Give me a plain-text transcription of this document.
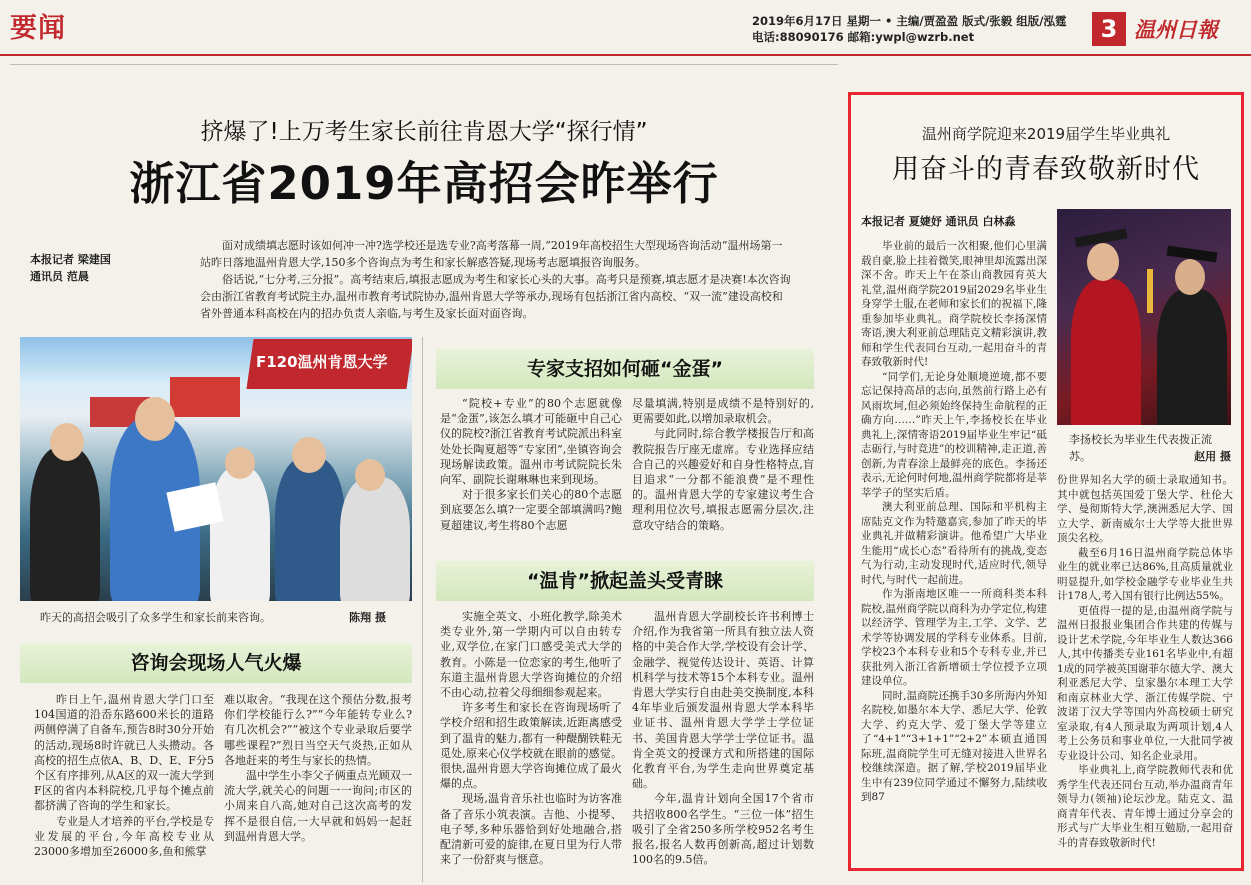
要闻	2019年6月17日 星期一 • 主编/贾盈盈 版式/张毅 组版/泓霆
电话:88090176 邮箱:ywpl@wzrb.net	3 温州日報
挤爆了!上万考生家长前往肯恩大学“探行情”
浙江省2019年高招会昨举行
本报记者 梁建国
通讯员 范晨

面对成绩填志愿时该如何冲一冲?选学校还是选专业?高考落幕一周,“2019年高校招生大型现场咨询活动”温州场第一站昨日落地温州肯恩大学,150多个咨询点为考生和家长解惑答疑,现场考志愿填报咨询服务。

俗话说,“七分考,三分报”。高考结束后,填报志愿成为考生和家长心头的大事。高考只是预赛,填志愿才是决赛!本次咨询会由浙江省教育考试院主办,温州市教育考试院协办,温州肯恩大学等承办,现场有包括浙江省内高校、“双一流”建设高校和省外普通本科高校在内的招办负责人亲临,与考生及家长面对面咨询。

F120温州肯恩大学
昨天的高招会吸引了众多学生和家长前来咨询。	陈翔 摄
咨询会现场人气火爆

昨日上午,温州肯恩大学门口至104国道的沿岙东路600米长的道路两侧停满了自备车,预告8时30分开始的活动,现场8时许就已人头攒动。各高校的招生点依A、B、D、E、F分5个区有序排列,从A区的双一流大学到F区的省内本科院校,几乎每个摊点前都挤满了咨询的学生和家长。

专业是人才培养的平台,学校是专业发展的平台,今年高校专业从23000多增加至26000多,鱼和熊掌

难以取舍。“我现在这个预估分数,报考你们学校能行么?”“今年能转专业么?有几次机会?”“被这个专业录取后要学哪些课程?”烈日当空天气炎热,正如从各地赶来的考生与家长的热情。

温中学生小李父子俩重点光顾双一流大学,就关心的问题一一询问;市区的小周来自八高,她对自己这次高考的发挥不是很自信,一大早就和妈妈一起赶到温州肯恩大学。

专家支招如何砸“金蛋”

“院校+专业”的80个志愿就像是“金蛋”,该怎么填才可能砸中自己心仪的院校?浙江省教育考试院派出科室处处长陶夏超等“专家团”,坐镇咨询会现场解读政策。温州市考试院院长朱向军、副院长谢琳琳也来到现场。

对于很多家长们关心的80个志愿到底要怎么填?一定要全部填满吗?鲍夏超建议,考生将80个志愿

尽量填满,特别是成绩不是特别好的,更需要如此,以增加录取机会。

与此同时,综合教学楼报告厅和高教院报告厅座无虚席。专业选择应结合自己的兴趣爱好和自身性格特点,盲目追求“一分都不能浪费”是不理性的。温州肯恩大学的专家建议考生合理利用位次号,填报志愿需分层次,注意攻守结合的策略。

“温肯”掀起盖头受青睐

实施全英文、小班化教学,除美术类专业外,第一学期内可以自由转专业,双学位,在家门口感受美式大学的教育。小陈是一位恋家的考生,他听了东道主温州肯恩大学咨询摊位的介绍不由心动,拉着父母细细参观起来。

许多考生和家长在咨询现场听了学校介绍和招生政策解读,近距离感受到了温肯的魅力,都有一种醍醐铁鞋无觅处,原来心仪学校就在眼前的感觉。很快,温州肯恩大学咨询摊位成了最火爆的点。

现场,温肯音乐社也临时为访客准备了音乐小筑表演。吉他、小提琴、电子琴,多种乐器恰到好处地融合,搭配清新可爱的旋律,在夏日里为行人带来了一份舒爽与惬意。

温州肯恩大学副校长许书利博士介绍,作为我省第一所具有独立法人资格的中美合作大学,学校设有会计学、金融学、视觉传达设计、英语、计算机科学与技术等15个本科专业。温州肯恩大学实行自由赴美交换制度,本科4年毕业后颁发温州肯恩大学本科毕业证书、温州肯恩大学学士学位证书、美国肯恩大学学士学位证书。温肯全英文的授课方式和所搭建的国际化教育平台,为学生走向世界奠定基础。

今年,温肯计划向全国17个省市共招收800名学生。“三位一体”招生吸引了全省250多所学校952名考生报名,报名人数再创新高,超过计划数100名的9.5倍。

温州商学院迎来2019届学生毕业典礼
用奋斗的青春致敬新时代
本报记者 夏婕妤 通讯员 白林淼
李扬校长为毕业生代表拨正流苏。	赵用 摄

毕业前的最后一次相聚,他们心里满载自豪,脸上挂着微笑,眼神里却流露出深深不舍。昨天上午在茶山商教园育英大礼堂,温州商学院2019届2029名毕业生身穿学士服,在老师和家长们的祝福下,隆重参加毕业典礼。商学院校长李扬深情寄语,澳大利亚前总理陆克文精彩演讲,教师和学生代表同台互动,一起用奋斗的青春致敬新时代!

“同学们,无论身处顺境逆境,都不要忘记保持高昂的志向,虽然前行路上必有风雨坎坷,但必须始终保持生命航程的正确方向……”昨天上午,李扬校长在毕业典礼上,深情寄语2019届毕业生牢记“砥志砺行,与时竞进”的校训精神,走正道,善创新,为青春涂上最鲜亮的底色。李扬还表示,无论何时何地,温州商学院都将是莘莘学子的坚实后盾。

澳大利亚前总理、国际和平机构主席陆克文作为特邀嘉宾,参加了昨天的毕业典礼并做精彩演讲。他希望广大毕业生能用“成长心态”看待所有的挑战,变态气为行动,主动发现时代,适应时代,领导时代,与时代一起前进。

作为浙南地区唯一一所商科类本科院校,温州商学院以商科为办学定位,构建以经济学、管理学为主,工学、文学、艺术学等协调发展的学科专业体系。目前,学校23个本科专业和5个专科专业,并已获批列入浙江省新增硕士学位授予立项建设单位。

同时,温商院还携手30多所海内外知名院校,如墨尔本大学、悉尼大学、伦敦大学、约克大学、爱丁堡大学等建立了“4+1”“3+1+1”“2+2”本硕直通国际班,温商院学生可无缝对接进入世界名校继续深造。据了解,学校2019届毕业生中有239位同学通过不懈努力,陆续收到87

份世界知名大学的硕士录取通知书。其中就包括英国爱丁堡大学、杜伦大学、曼彻斯特大学,澳洲悉尼大学、国立大学、新南威尔士大学等大批世界顶尖名校。

截至6月16日温州商学院总体毕业生的就业率已达86%,且高质量就业明显提升,如学校金融学专业毕业生共计178人,考入国有银行比例达55%。

更值得一提的是,由温州商学院与温州日报报业集团合作共建的传媒与设计艺术学院,今年毕业生人数达366人,其中传播类专业161名毕业中,有超1成的同学被英国谢菲尔德大学、澳大利亚悉尼大学、皇家墨尔本理工大学和南京林业大学、浙江传媒学院、宁波诺丁汉大学等国内外高校硕士研究室录取,有4人预录取为两项计划,4人考上公务员和事业单位,一大批同学被专业设计公司、知名企业录用。

毕业典礼上,商学院教师代表和优秀学生代表还同台互动,举办温商青年领导力(领袖)论坛沙龙。陆克文、温商青年代表、青年博士通过分享会的形式与广大毕业生相互勉励,一起用奋斗的青春致敬新时代!
